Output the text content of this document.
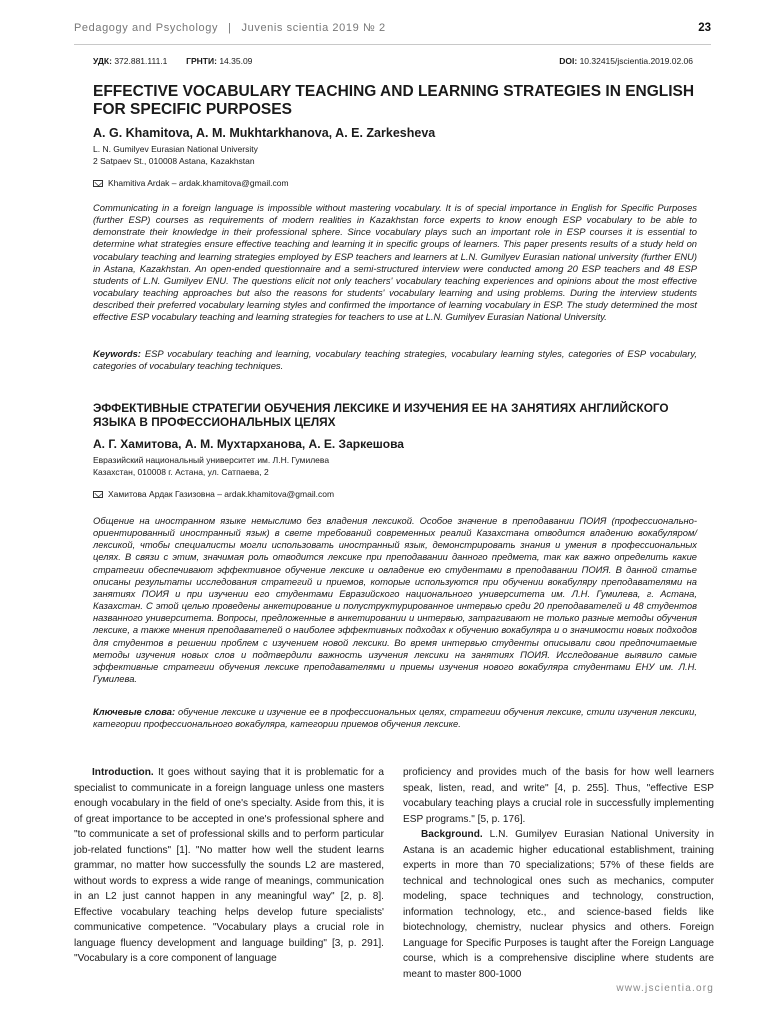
Pedagogy and Psychology | Juvenis scientia 2019 № 2	23
УДК: 372.881.111.1 ГРНТИ: 14.35.09	DOI: 10.32415/jscientia.2019.02.06
EFFECTIVE VOCABULARY TEACHING AND LEARNING STRATEGIES IN ENGLISH FOR SPECIFIC PURPOSES
A. G. Khamitova, A. M. Mukhtarkhanova, A. E. Zarkesheva
L. N. Gumilyev Eurasian National University
2 Satpaev St., 010008 Astana, Kazakhstan
Khamitiva Ardak – ardak.khamitova@gmail.com
Communicating in a foreign language is impossible without mastering vocabulary. It is of special importance in English for Specific Purposes (further ESP) courses as requirements of modern realities in Kazakhstan force experts to know enough ESP vocabulary to be able to demonstrate their knowledge in their professional sphere. Since vocabulary plays such an important role in ESP courses it is essential to determine what strategies ensure effective teaching and learning it in specific groups of learners. This paper presents results of a study held on vocabulary teaching and learning strategies employed by ESP teachers and learners at L.N. Gumilyev Eurasian national university (further ENU) in Astana, Kazakhstan. An open-ended questionnaire and a semi-structured interview were conducted among 20 ESP teachers and 48 ESP students of L.N. Gumilyev ENU. The questions elicit not only teachers' vocabulary teaching experiences and opinions about the most effective vocabulary teaching approaches but also the reasons for students' vocabulary learning and using problems. During the interview students described their preferred vocabulary learning styles and confirmed the importance of learning vocabulary in ESP. The study determined the most effective ESP vocabulary teaching and learning strategies for teachers to use at L.N. Gumilyev Eurasian National University.
Keywords: ESP vocabulary teaching and learning, vocabulary teaching strategies, vocabulary learning styles, categories of ESP vocabulary, categories of vocabulary teaching techniques.
ЭФФЕКТИВНЫЕ СТРАТЕГИИ ОБУЧЕНИЯ ЛЕКСИКЕ И ИЗУЧЕНИЯ ЕЕ НА ЗАНЯТИЯХ АНГЛИЙСКОГО ЯЗЫКА В ПРОФЕССИОНАЛЬНЫХ ЦЕЛЯХ
А. Г. Хамитова, А. М. Мухтарханова, А. Е. Заркешова
Евразийский национальный университет им. Л.Н. Гумилева
Казахстан, 010008 г. Астана, ул. Сатпаева, 2
Хамитова Ардак Газизовна – ardak.khamitova@gmail.com
Общение на иностранном языке немыслимо без владения лексикой. Особое значение в преподавании ПОИЯ (профессионально-ориентированный иностранный язык) в свете требований современных реалий Казахстана отводится владению вокабуляром/лексикой, чтобы специалисты могли использовать иностранный язык, демонстрировать знания и умения в профессиональных целях. В связи с этим, значимая роль отводится лексике при преподавании данного предмета, так как важно определить какие стратегии обеспечивают эффективное обучение лексике и овладение ею студентами в преподавании ПОИЯ. В данной статье описаны результаты исследования стратегий и приемов, которые используются при обучении вокабуляру преподавателями на занятиях ПОИЯ и при изучении его студентами Евразийского национального университета им. Л.Н. Гумилева, г. Астана, Казахстан. С этой целью проведены анкетирование и полуструктурированное интервью среди 20 преподавателей и 48 студентов названного университета. Вопросы, предложенные в анкетировании и интервью, затрагивают не только разные методы обучения лексике, а также мнения преподавателей о наиболее эффективных подходах к обучению вокабуляра и о значимости новых подходов для студентов в решении проблем с изучением новой лексики. Во время интервью студенты описывали свои предпочитаемые методы изучения новых слов и подтвердили важность изучения лексики на занятиях ПОИЯ. Исследование выявило самые эффективные стратегии обучения лексике преподавателями и приемы изучения нового вокабуляра студентами ЕНУ им. Л.Н. Гумилева.
Ключевые слова: обучение лексике и изучение ее в профессиональных целях, стратегии обучения лексике, стили изучения лексики, категории профессионального вокабуляра, категории приемов обучения лексике.

Introduction. It goes without saying that it is problematic for a specialist to communicate in a foreign language unless one masters enough vocabulary in the field of one's specialty. Aside from this, it is of great importance to be accepted in one's professional sphere and "to communicate a set of professional skills and to perform particular job-related functions" [1]. "No matter how well the student learns grammar, no matter how successfully the sounds L2 are mastered, without words to express a wide range of meanings, communication in an L2 just cannot happen in any meaningful way" [2, p. 8]. Effective vocabulary teaching helps develop future specialists' communicative competence. "Vocabulary plays a crucial role in language fluency development and language building" [3, p. 291]. "Vocabulary is a core component of language

proficiency and provides much of the basis for how well learners speak, listen, read, and write" [4, p. 255]. Thus, "effective ESP vocabulary teaching plays a crucial role in successfully implementing ESP programs." [5, p. 176].

Background. L.N. Gumilyev Eurasian National University in Astana is an academic higher educational establishment, training experts in more than 70 specializations; 57% of these fields are technical and technological ones such as mechanics, computer modeling, space techniques and technology, construction, information technology, etc., and science-based fields like biotechnology, chemistry, nuclear physics and others. Foreign Language for Specific Purposes is taught after the Foreign Language course, which is a comprehensive discipline where students are meant to master 800-1000

www.jscientia.org
